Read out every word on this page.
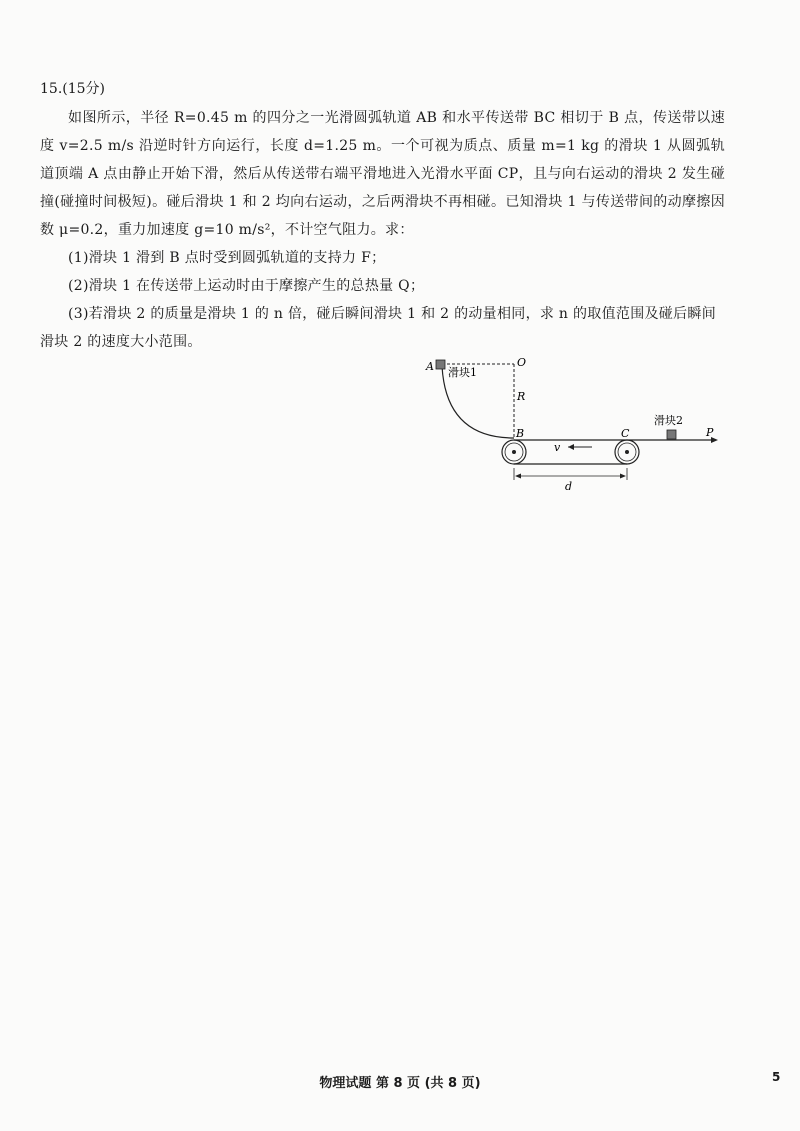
15.(15分)
如图所示，半径 R=0.45 m 的四分之一光滑圆弧轨道 AB 和水平传送带 BC 相切于 B 点，传送带以速度 v=2.5 m/s 沿逆时针方向运行，长度 d=1.25 m。一个可视为质点、质量 m=1 kg 的滑块 1 从圆弧轨道顶端 A 点由静止开始下滑，然后从传送带右端平滑地进入光滑水平面 CP，且与向右运动的滑块 2 发生碰撞(碰撞时间极短)。碰后滑块 1 和 2 均向右运动，之后两滑块不再相碰。已知滑块 1 与传送带间的动摩擦因数 μ=0.2，重力加速度 g=10 m/s²，不计空气阻力。求：
(1)滑块 1 滑到 B 点时受到圆弧轨道的支持力 F；
(2)滑块 1 在传送带上运动时由于摩擦产生的总热量 Q；
(3)若滑块 2 的质量是滑块 1 的 n 倍，碰后瞬间滑块 1 和 2 的动量相同，求 n 的取值范围及碰后瞬间滑块 2 的速度大小范围。
A 滑块1
O
R
B	C
v
滑块2
P
d
物理试题 第 8 页 (共 8 页)	5
